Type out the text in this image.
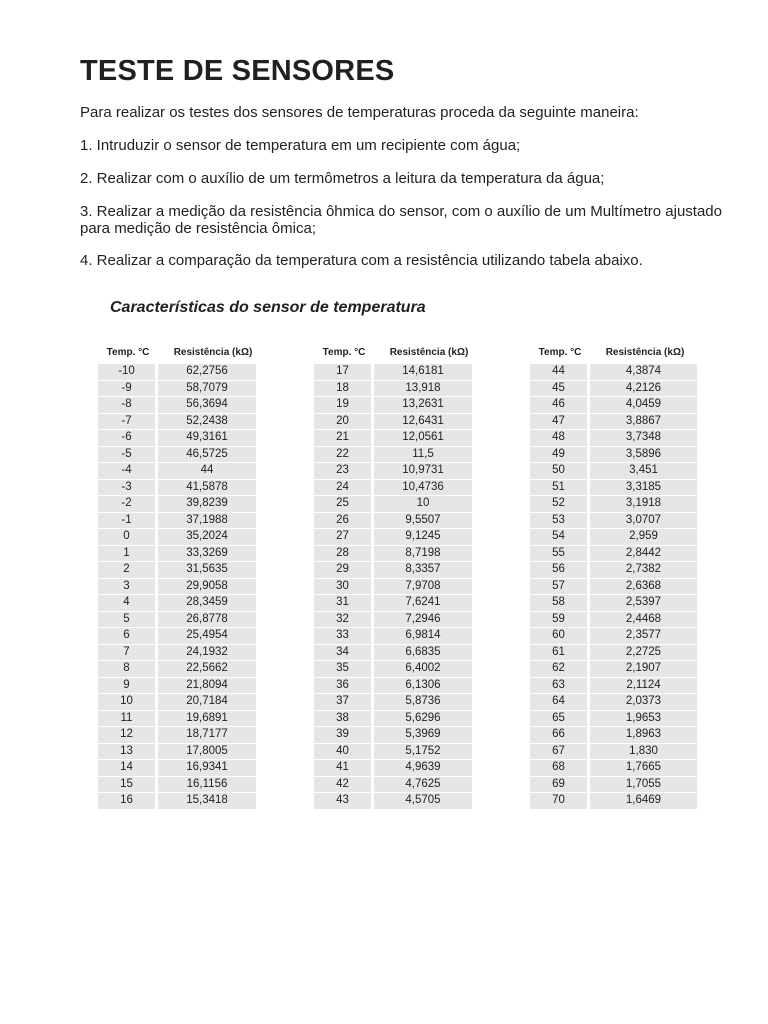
TESTE DE SENSORES

Para realizar os testes dos sensores de temperaturas proceda da seguinte maneira:

1. Intruduzir o sensor de temperatura em um recipiente com água;

2. Realizar com o auxílio de um termômetros a leitura da temperatura da água;

3. Realizar a medição da resistência ôhmica do sensor, com o auxílio de um Multímetro ajustado para medição de resistência ômica;

4. Realizar a comparação da temperatura com a resistência utilizando tabela abaixo.

Características do sensor de temperatura

Temp. °C	Resistência (kΩ)
-10	62,2756
-9	58,7079
-8	56,3694
-7	52,2438
-6	49,3161
-5	46,5725
-4	44
-3	41,5878
-2	39,8239
-1	37,1988
0	35,2024
1	33,3269
2	31,5635
3	29,9058
4	28,3459
5	26,8778
6	25,4954
7	24,1932
8	22,5662
9	21,8094
10	20,7184
11	19,6891
12	18,7177
13	17,8005
14	16,9341
15	16,1156
16	15,3418
Temp. °C	Resistência (kΩ)
17	14,6181
18	13,918
19	13,2631
20	12,6431
21	12,0561
22	11,5
23	10,9731
24	10,4736
25	10
26	9,5507
27	9,1245
28	8,7198
29	8,3357
30	7,9708
31	7,6241
32	7,2946
33	6,9814
34	6,6835
35	6,4002
36	6,1306
37	5,8736
38	5,6296
39	5,3969
40	5,1752
41	4,9639
42	4,7625
43	4,5705
Temp. °C	Resistência (kΩ)
44	4,3874
45	4,2126
46	4,0459
47	3,8867
48	3,7348
49	3,5896
50	3,451
51	3,3185
52	3,1918
53	3,0707
54	2,959
55	2,8442
56	2,7382
57	2,6368
58	2,5397
59	2,4468
60	2,3577
61	2,2725
62	2,1907
63	2,1124
64	2,0373
65	1,9653
66	1,8963
67	1,830
68	1,7665
69	1,7055
70	1,6469
